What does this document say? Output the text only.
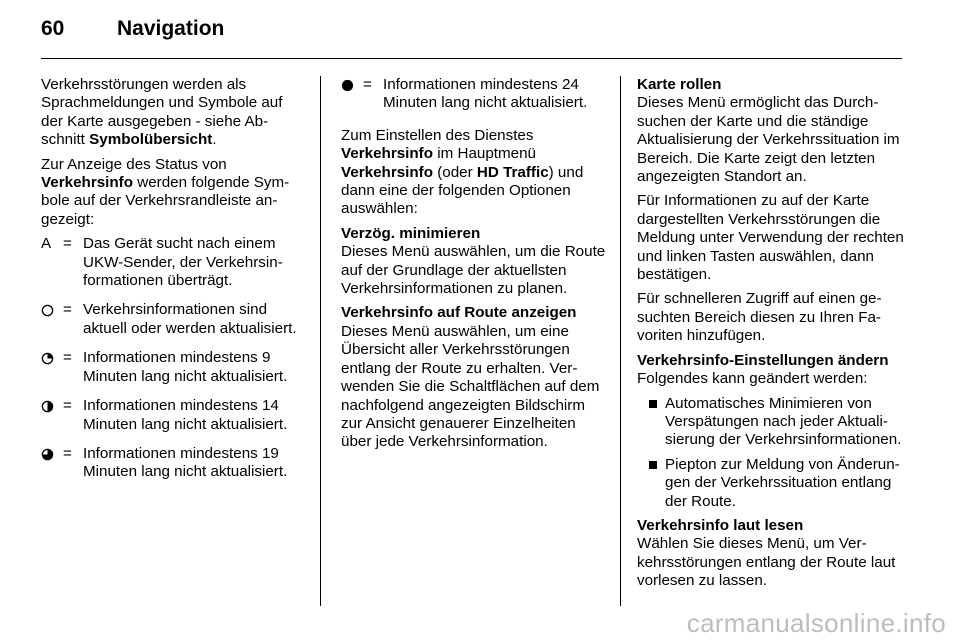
60	Navigation

Verkehrsstörungen werden als Sprachmeldungen und Symbole auf der Karte ausgegeben - siehe Abschnitt Symbolübersicht.

Zur Anzeige des Status von Verkehrsinfo werden folgende Symbole auf der Verkehrsrandleiste angezeigt:

A = Das Gerät sucht nach einem UKW-Sender, der Verkehrsinformationen überträgt.
= Verkehrsinformationen sind aktuell oder werden aktualisiert.
= Informationen mindestens 9 Minuten lang nicht aktualisiert.
= Informationen mindestens 14 Minuten lang nicht aktualisiert.
= Informationen mindestens 19 Minuten lang nicht aktualisiert.
= Informationen mindestens 24 Minuten lang nicht aktualisiert.

Zum Einstellen des Dienstes Verkehrsinfo im Hauptmenü Verkehrsinfo (oder HD Traffic) und dann eine der folgenden Optionen auswählen:

Verzög. minimieren
Dieses Menü auswählen, um die Route auf der Grundlage der aktuellsten Verkehrsinformationen zu planen.
Verkehrsinfo auf Route anzeigen
Dieses Menü auswählen, um eine Übersicht aller Verkehrsstörungen entlang der Route zu erhalten. Verwenden Sie die Schaltflächen auf dem nachfolgend angezeigten Bildschirm zur Ansicht genauerer Einzelheiten über jede Verkehrsinformation.
Karte rollen
Dieses Menü ermöglicht das Durchsuchen der Karte und die ständige Aktualisierung der Verkehrssituation im Bereich. Die Karte zeigt den letzten angezeigten Standort an.

Für Informationen zu auf der Karte dargestellten Verkehrsstörungen die Meldung unter Verwendung der rechten und linken Tasten auswählen, dann bestätigen.

Für schnelleren Zugriff auf einen gesuchten Bereich diesen zu Ihren Favoriten hinzufügen.

Verkehrsinfo-Einstellungen ändern
Folgendes kann geändert werden:
Automatisches Minimieren von Verspätungen nach jeder Aktualisierung der Verkehrsinformationen.
Piepton zur Meldung von Änderungen der Verkehrssituation entlang der Route.
Verkehrsinfo laut lesen
Wählen Sie dieses Menü, um Verkehrsstörungen entlang der Route laut vorlesen zu lassen.
carmanualsonline.info
